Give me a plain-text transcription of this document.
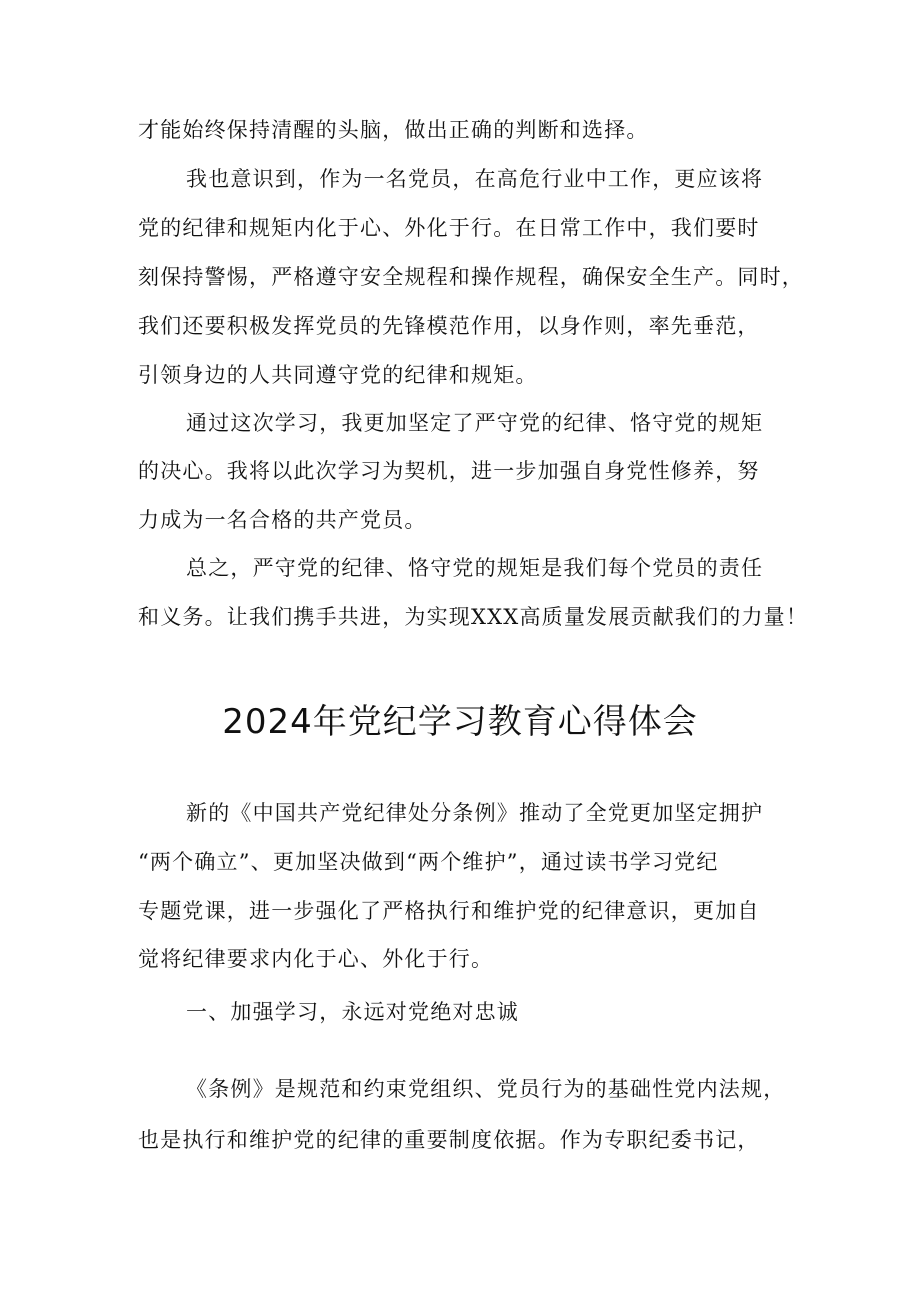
才能始终保持清醒的头脑，做出正确的判断和选择。
我也意识到，作为一名党员，在高危行业中工作，更应该将
党的纪律和规矩内化于心、外化于行。在日常工作中，我们要时
刻保持警惕，严格遵守安全规程和操作规程，确保安全生产。同时，
我们还要积极发挥党员的先锋模范作用，以身作则，率先垂范，
引领身边的人共同遵守党的纪律和规矩。
通过这次学习，我更加坚定了严守党的纪律、恪守党的规矩
的决心。我将以此次学习为契机，进一步加强自身党性修养，努
力成为一名合格的共产党员。
总之，严守党的纪律、恪守党的规矩是我们每个党员的责任
和义务。让我们携手共进，为实现XXX高质量发展贡献我们的力量！
2024年党纪学习教育心得体会
新的《中国共产党纪律处分条例》推动了全党更加坚定拥护
“两个确立”、更加坚决做到“两个维护”，通过读书学习党纪
专题党课，进一步强化了严格执行和维护党的纪律意识，更加自
觉将纪律要求内化于心、外化于行。
一、加强学习，永远对党绝对忠诚
《条例》是规范和约束党组织、党员行为的基础性党内法规，
也是执行和维护党的纪律的重要制度依据。作为专职纪委书记，
